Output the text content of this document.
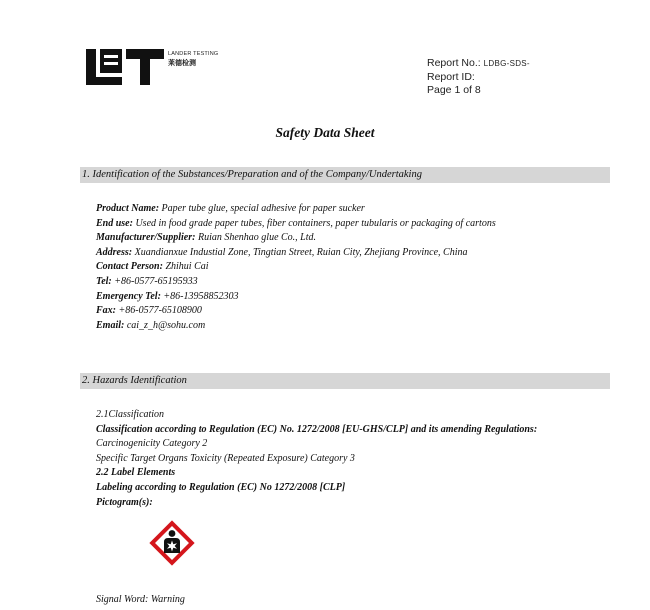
LANDER TESTING
莱德检测	Report No.: LDBG-SDS-
Report ID:
Page 1 of 8
Safety Data Sheet
1. Identification of the Substances/Preparation and of the Company/Undertaking
Product Name: Paper tube glue, special adhesive for paper sucker
End use: Used in food grade paper tubes, fiber containers, paper tubularis or packaging of cartons
Manufacturer/Supplier: Ruian Shenhao glue Co., Ltd.
Address: Xuandianxue Industial Zone, Tingtian Street, Ruian City, Zhejiang Province, China
Contact Person: Zhihui Cai
Tel: +86-0577-65195933
Emergency Tel: +86-13958852303
Fax: +86-0577-65108900
Email: cai_z_h@sohu.com
2. Hazards Identification
2.1Classification
Classification according to Regulation (EC) No. 1272/2008 [EU-GHS/CLP] and its amending Regulations:
Carcinogenicity Category 2
Specific Target Organs Toxicity (Repeated Exposure) Category 3
2.2 Label Elements
Labeling according to Regulation (EC) No 1272/2008 [CLP]
Pictogram(s):
Signal Word: Warning
